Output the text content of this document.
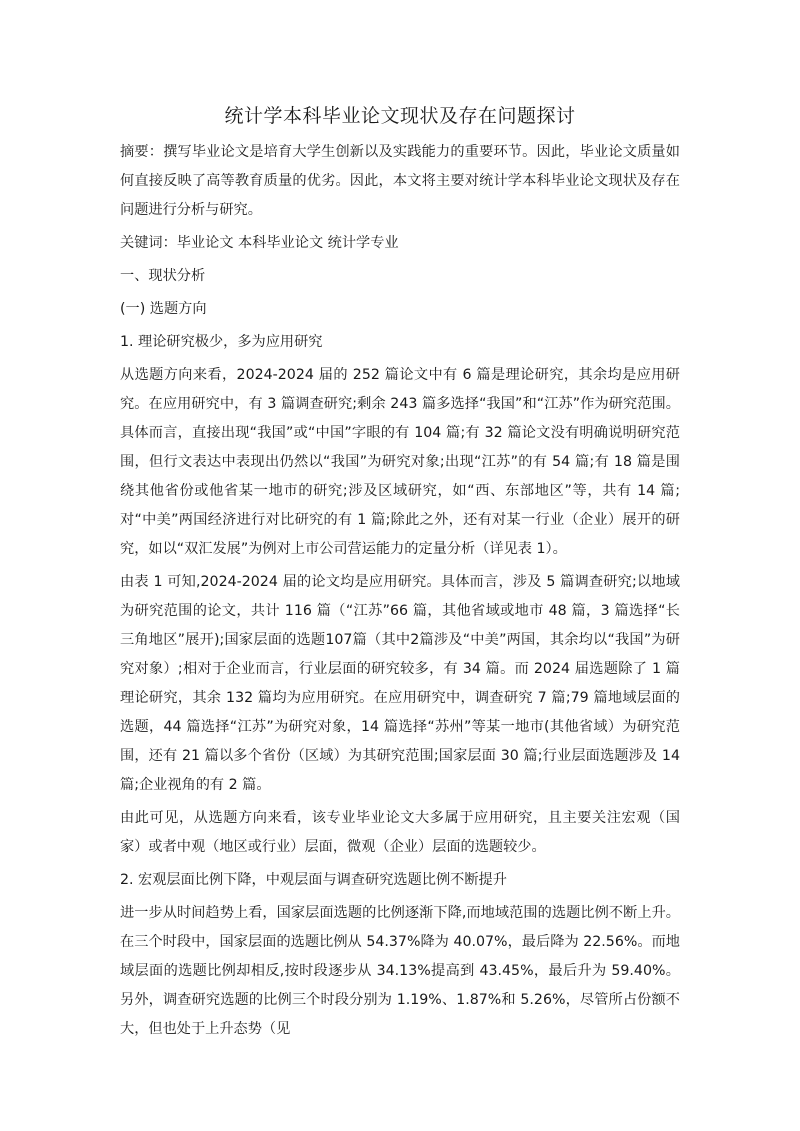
统计学本科毕业论文现状及存在问题探讨

摘要：撰写毕业论文是培育大学生创新以及实践能力的重要环节。因此，毕业论文质量如何直接反映了高等教育质量的优劣。因此，本文将主要对统计学本科毕业论文现状及存在问题进行分析与研究。

关键词：毕业论文 本科毕业论文 统计学专业

一、现状分析

(一) 选题方向

1. 理论研究极少，多为应用研究

从选题方向来看，2024-2024 届的 252 篇论文中有 6 篇是理论研究，其余均是应用研究。在应用研究中，有 3 篇调查研究;剩余 243 篇多选择“我国”和“江苏”作为研究范围。具体而言，直接出现“我国”或“中国”字眼的有 104 篇;有 32 篇论文没有明确说明研究范围，但行文表达中表现出仍然以“我国”为研究对象;出现“江苏”的有 54 篇;有 18 篇是围绕其他省份或他省某一地市的研究;涉及区域研究，如“西、东部地区”等，共有 14 篇;对“中美”两国经济进行对比研究的有 1 篇;除此之外，还有对某一行业（企业）展开的研究，如以“双汇发展”为例对上市公司营运能力的定量分析（详见表 1）。

由表 1 可知,2024-2024 届的论文均是应用研究。具体而言，涉及 5 篇调查研究;以地域为研究范围的论文，共计 116 篇（“江苏”66 篇，其他省域或地市 48 篇，3 篇选择“长三角地区”展开);国家层面的选题107篇（其中2篇涉及“中美”两国，其余均以“我国”为研究对象）;相对于企业而言，行业层面的研究较多，有 34 篇。而 2024 届选题除了 1 篇理论研究，其余 132 篇均为应用研究。在应用研究中，调查研究 7 篇;79 篇地域层面的选题，44 篇选择“江苏”为研究对象，14 篇选择“苏州”等某一地市(其他省域）为研究范围，还有 21 篇以多个省份（区域）为其研究范围;国家层面 30 篇;行业层面选题涉及 14 篇;企业视角的有 2 篇。

由此可见，从选题方向来看，该专业毕业论文大多属于应用研究，且主要关注宏观（国家）或者中观（地区或行业）层面，微观（企业）层面的选题较少。

2. 宏观层面比例下降，中观层面与调查研究选题比例不断提升

进一步从时间趋势上看，国家层面选题的比例逐渐下降,而地域范围的选题比例不断上升。在三个时段中，国家层面的选题比例从 54.37%降为 40.07%，最后降为 22.56%。而地域层面的选题比例却相反,按时段逐步从 34.13%提高到 43.45%，最后升为 59.40%。另外，调查研究选题的比例三个时段分别为 1.19%、1.87%和 5.26%，尽管所占份额不大，但也处于上升态势（见
